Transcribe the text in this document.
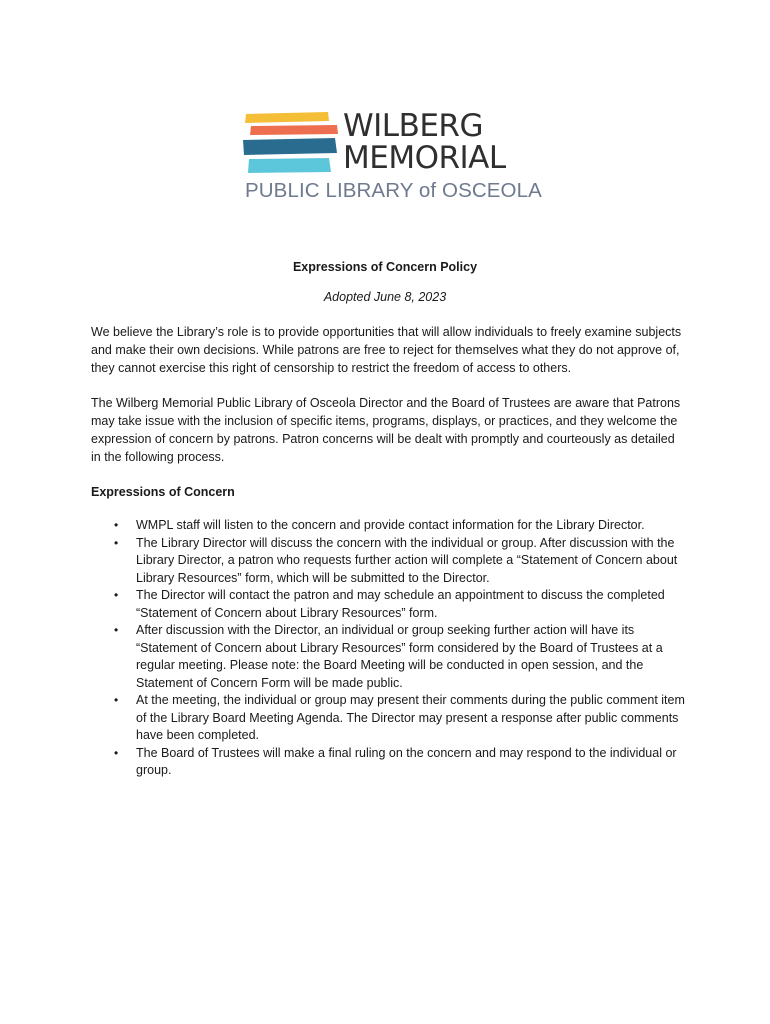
WILBERG
MEMORIAL
PUBLIC LIBRARY of OSCEOLA
Expressions of Concern Policy
Adopted June 8, 2023

We believe the Library’s role is to provide opportunities that will allow individuals to freely examine subjects and make their own decisions. While patrons are free to reject for themselves what they do not approve of, they cannot exercise this right of censorship to restrict the freedom of access to others.

The Wilberg Memorial Public Library of Osceola Director and the Board of Trustees are aware that Patrons may take issue with the inclusion of specific items, programs, displays, or practices, and they welcome the expression of concern by patrons. Patron concerns will be dealt with promptly and courteously as detailed in the following process.

Expressions of Concern
• WMPL staff will listen to the concern and provide contact information for the Library Director.
• The Library Director will discuss the concern with the individual or group. After discussion with the Library Director, a patron who requests further action will complete a “Statement of Concern about Library Resources” form, which will be submitted to the Director.
• The Director will contact the patron and may schedule an appointment to discuss the completed “Statement of Concern about Library Resources” form.
• After discussion with the Director, an individual or group seeking further action will have its “Statement of Concern about Library Resources” form considered by the Board of Trustees at a regular meeting. Please note: the Board Meeting will be conducted in open session, and the Statement of Concern Form will be made public.
• At the meeting, the individual or group may present their comments during the public comment item of the Library Board Meeting Agenda. The Director may present a response after public comments have been completed.
• The Board of Trustees will make a final ruling on the concern and may respond to the individual or group.
